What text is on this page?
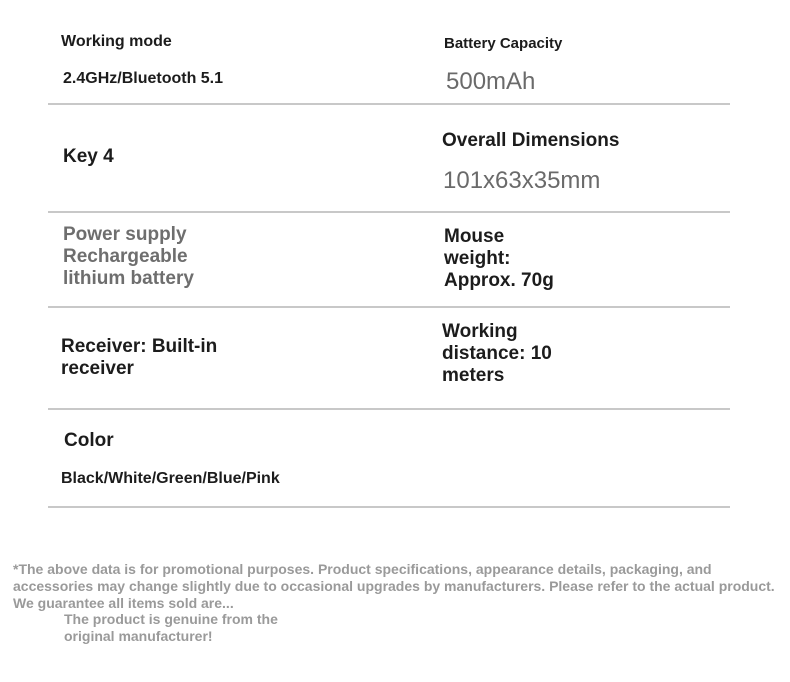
Working mode
2.4GHz/Bluetooth 5.1
Battery Capacity
500mAh
Key 4
Overall Dimensions
101x63x35mm
Power supply
Rechargeable
lithium battery
Mouse
weight:
Approx. 70g
Receiver: Built-in
receiver
Working
distance: 10
meters
Color
Black/White/Green/Blue/Pink
*The above data is for promotional purposes. Product specifications, appearance details, packaging, and accessories may change slightly due to occasional upgrades by manufacturers. Please refer to the actual product. We guarantee all items sold are...
The product is genuine from the
original manufacturer!
